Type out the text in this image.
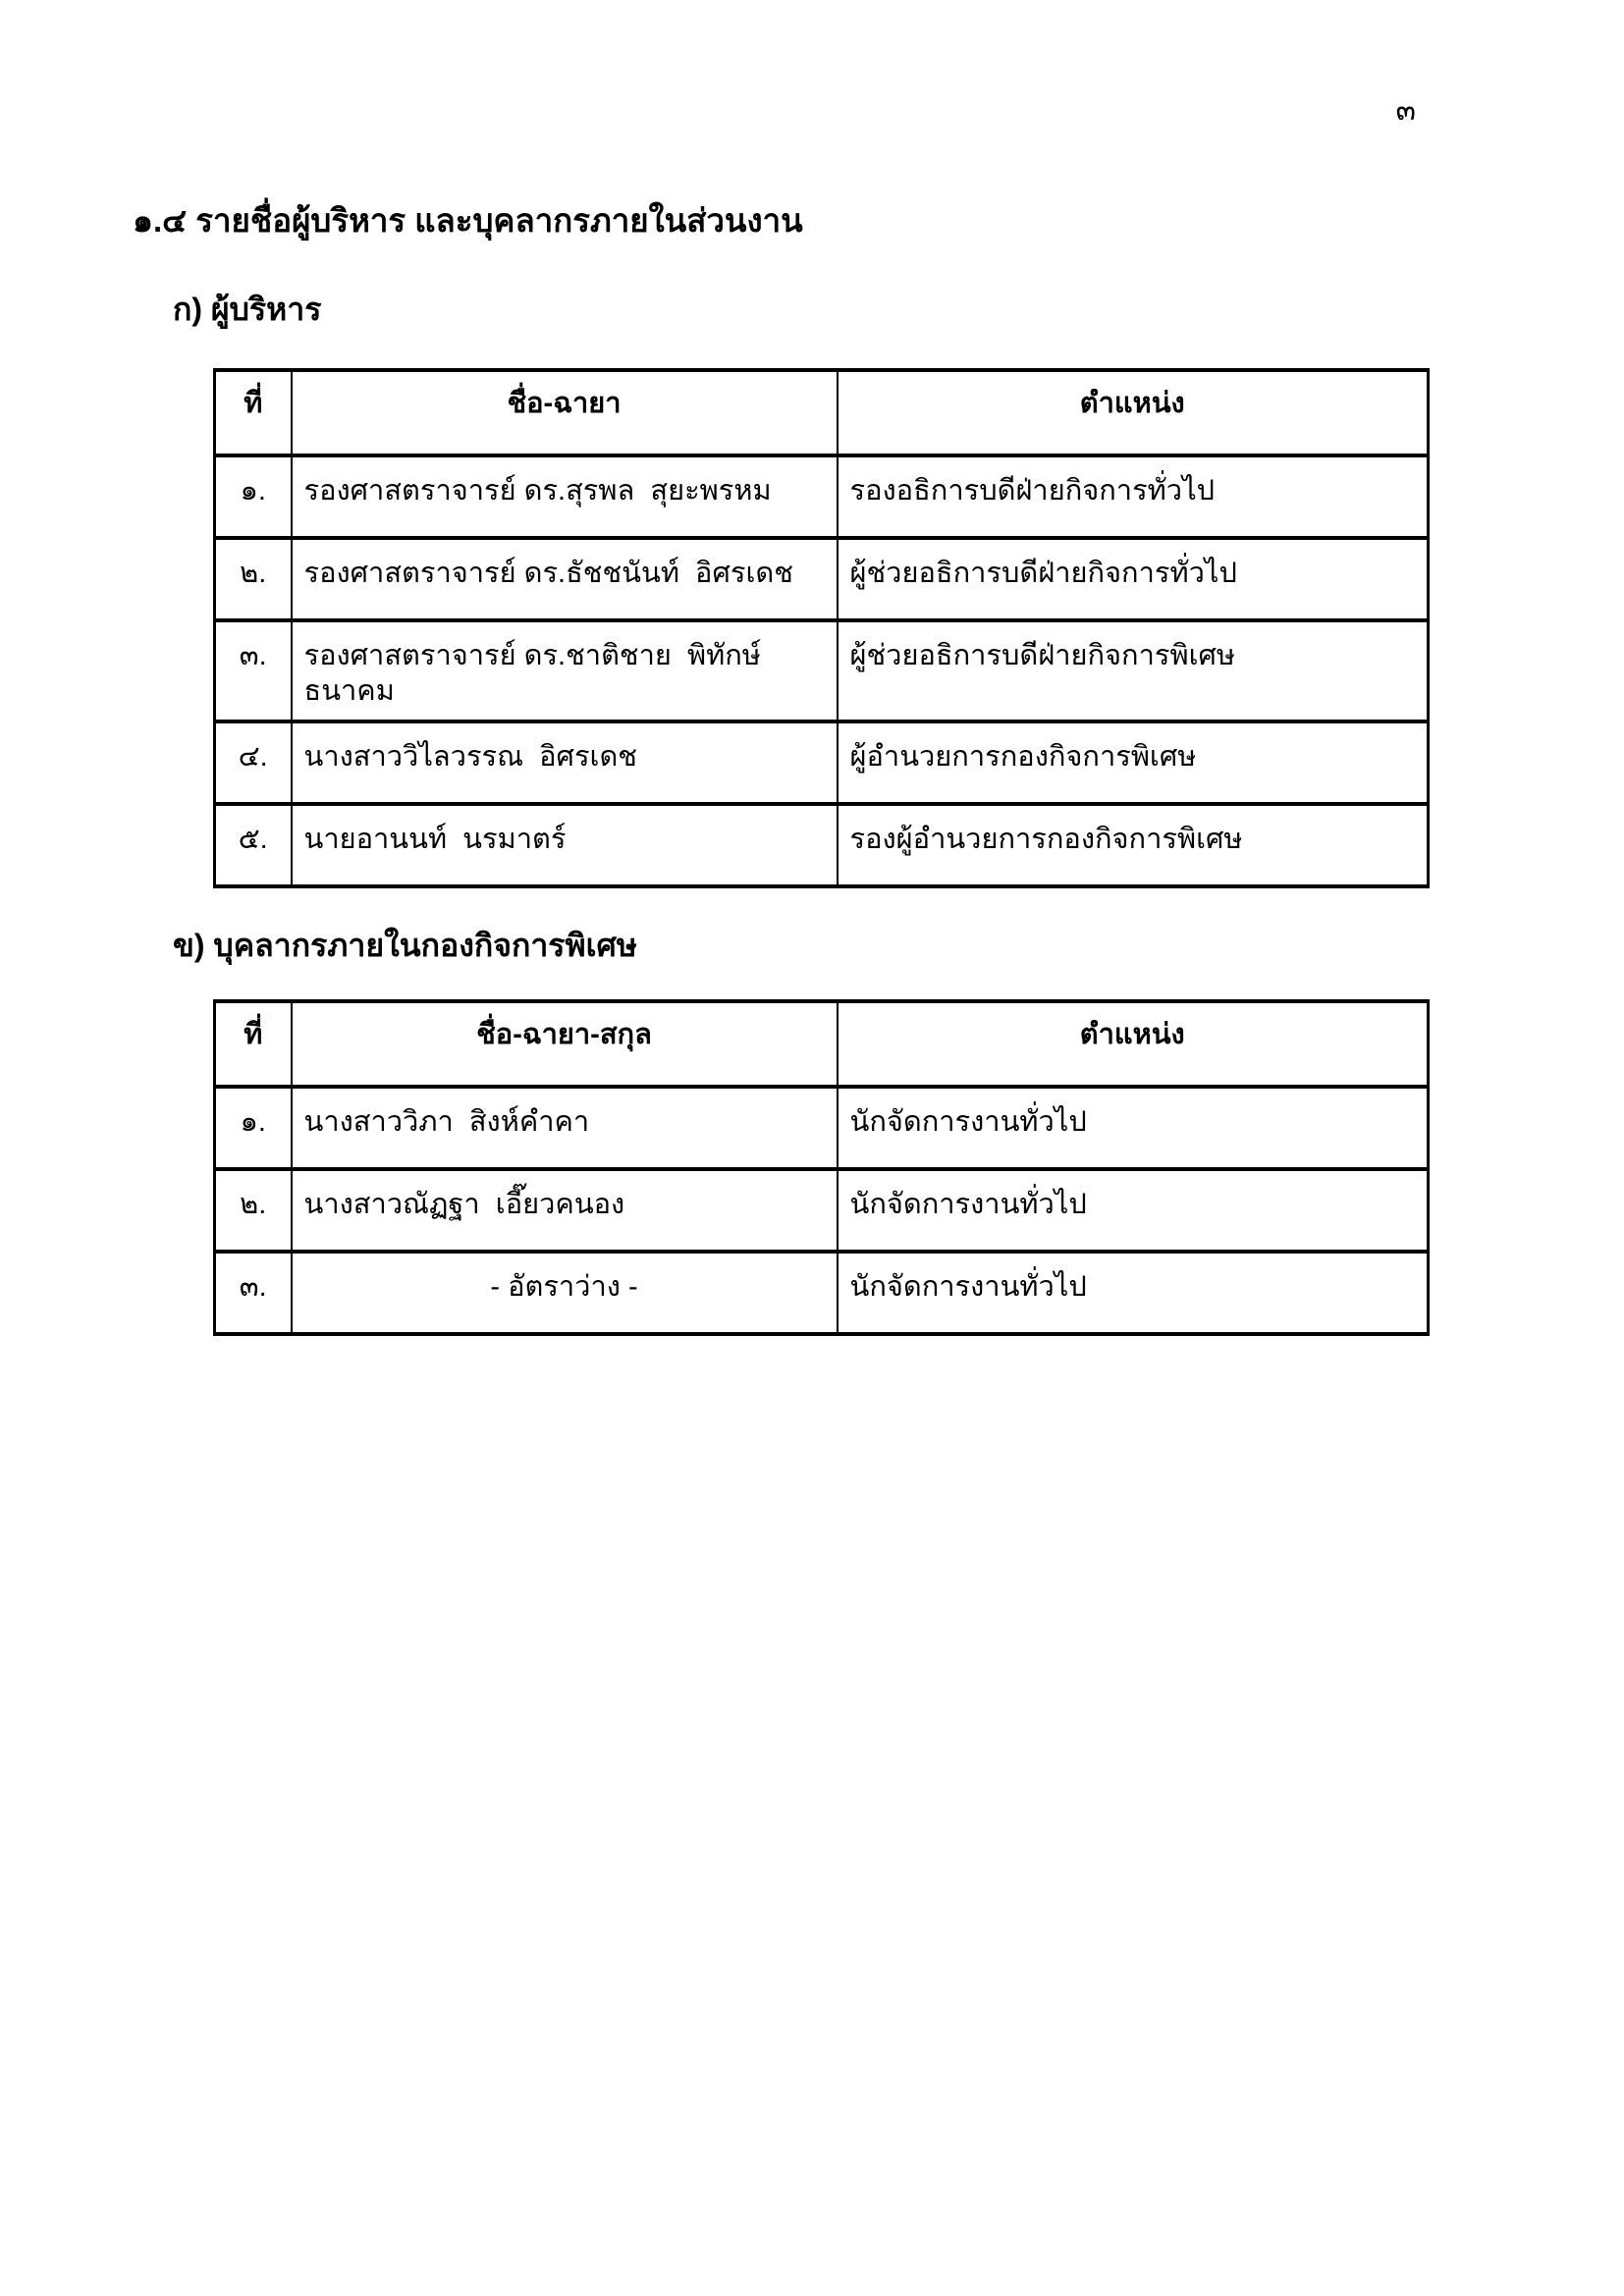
๓
๑.๔ รายชื่อผู้บริหาร และบุคลากรภายในส่วนงาน
ก) ผู้บริหาร
ที่	ชื่อ-ฉายา	ตำแหน่ง
๑.	รองศาสตราจารย์ ดร.สุรพล  สุยะพรหม	รองอธิการบดีฝ่ายกิจการทั่วไป
๒.	รองศาสตราจารย์ ดร.ธัชชนันท์  อิศรเดช	ผู้ช่วยอธิการบดีฝ่ายกิจการทั่วไป
๓.	รองศาสตราจารย์ ดร.ชาติชาย  พิทักษ์ธนาคม	ผู้ช่วยอธิการบดีฝ่ายกิจการพิเศษ
๔.	นางสาววิไลวรรณ  อิศรเดช	ผู้อำนวยการกองกิจการพิเศษ
๕.	นายอานนท์  นรมาตร์	รองผู้อำนวยการกองกิจการพิเศษ
ข) บุคลากรภายในกองกิจการพิเศษ
ที่	ชื่อ-ฉายา-สกุล	ตำแหน่ง
๑.	นางสาววิภา  สิงห์คำคา	นักจัดการงานทั่วไป
๒.	นางสาวณัฏฐา  เอี๊ยวคนอง	นักจัดการงานทั่วไป
๓.	- อัตราว่าง -	นักจัดการงานทั่วไป
